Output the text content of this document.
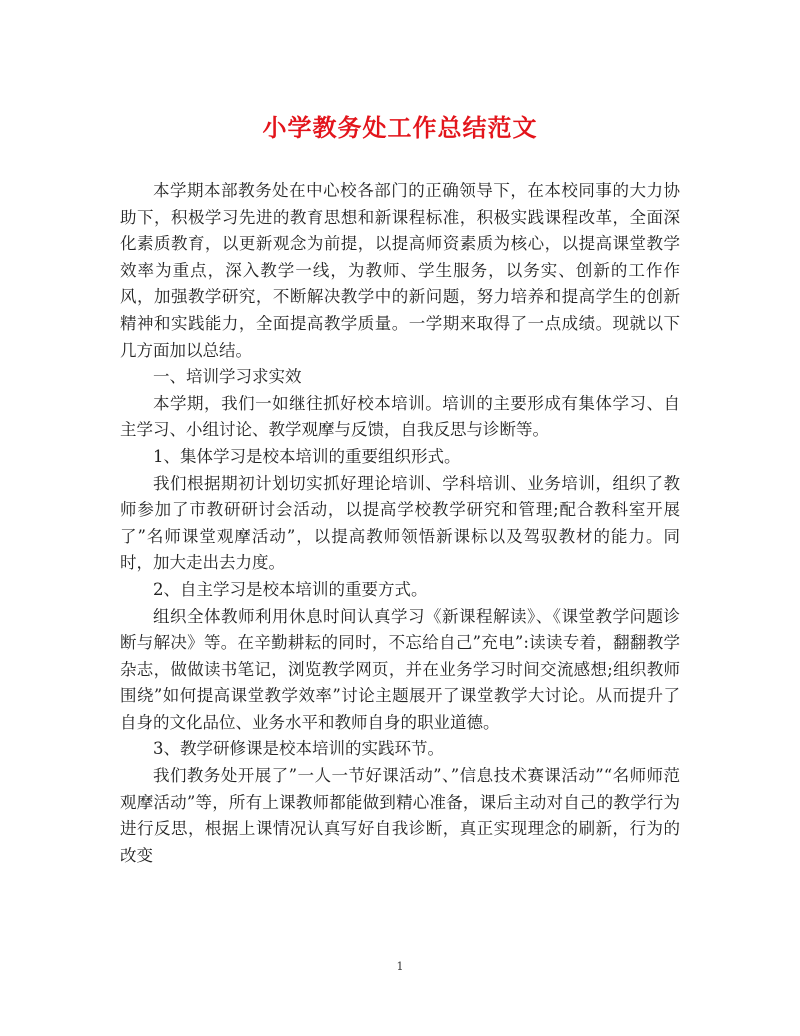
小学教务处工作总结范文

本学期本部教务处在中心校各部门的正确领导下，在本校同事的大力协助下，积极学习先进的教育思想和新课程标准，积极实践课程改革，全面深化素质教育，以更新观念为前提，以提高师资素质为核心，以提高课堂教学效率为重点，深入教学一线，为教师、学生服务，以务实、创新的工作作风，加强教学研究，不断解决教学中的新问题，努力培养和提高学生的创新精神和实践能力，全面提高教学质量。一学期来取得了一点成绩。现就以下几方面加以总结。

一、培训学习求实效

本学期，我们一如继往抓好校本培训。培训的主要形成有集体学习、自主学习、小组讨论、教学观摩与反馈，自我反思与诊断等。

1、集体学习是校本培训的重要组织形式。

我们根据期初计划切实抓好理论培训、学科培训、业务培训，组织了教师参加了市教研研讨会活动，以提高学校教学研究和管理;配合教科室开展了”名师课堂观摩活动”，以提高教师领悟新课标以及驾驭教材的能力。同时，加大走出去力度。

2、自主学习是校本培训的重要方式。

组织全体教师利用休息时间认真学习《新课程解读》、《课堂教学问题诊断与解决》等。在辛勤耕耘的同时，不忘给自己”充电”:读读专着，翻翻教学杂志，做做读书笔记，浏览教学网页，并在业务学习时间交流感想;组织教师围绕”如何提高课堂教学效率”讨论主题展开了课堂教学大讨论。从而提升了自身的文化品位、业务水平和教师自身的职业道德。

3、教学研修课是校本培训的实践环节。

我们教务处开展了”一人一节好课活动”、”信息技术赛课活动”“名师师范观摩活动”等，所有上课教师都能做到精心准备，课后主动对自己的教学行为进行反思，根据上课情况认真写好自我诊断，真正实现理念的刷新，行为的改变

1
